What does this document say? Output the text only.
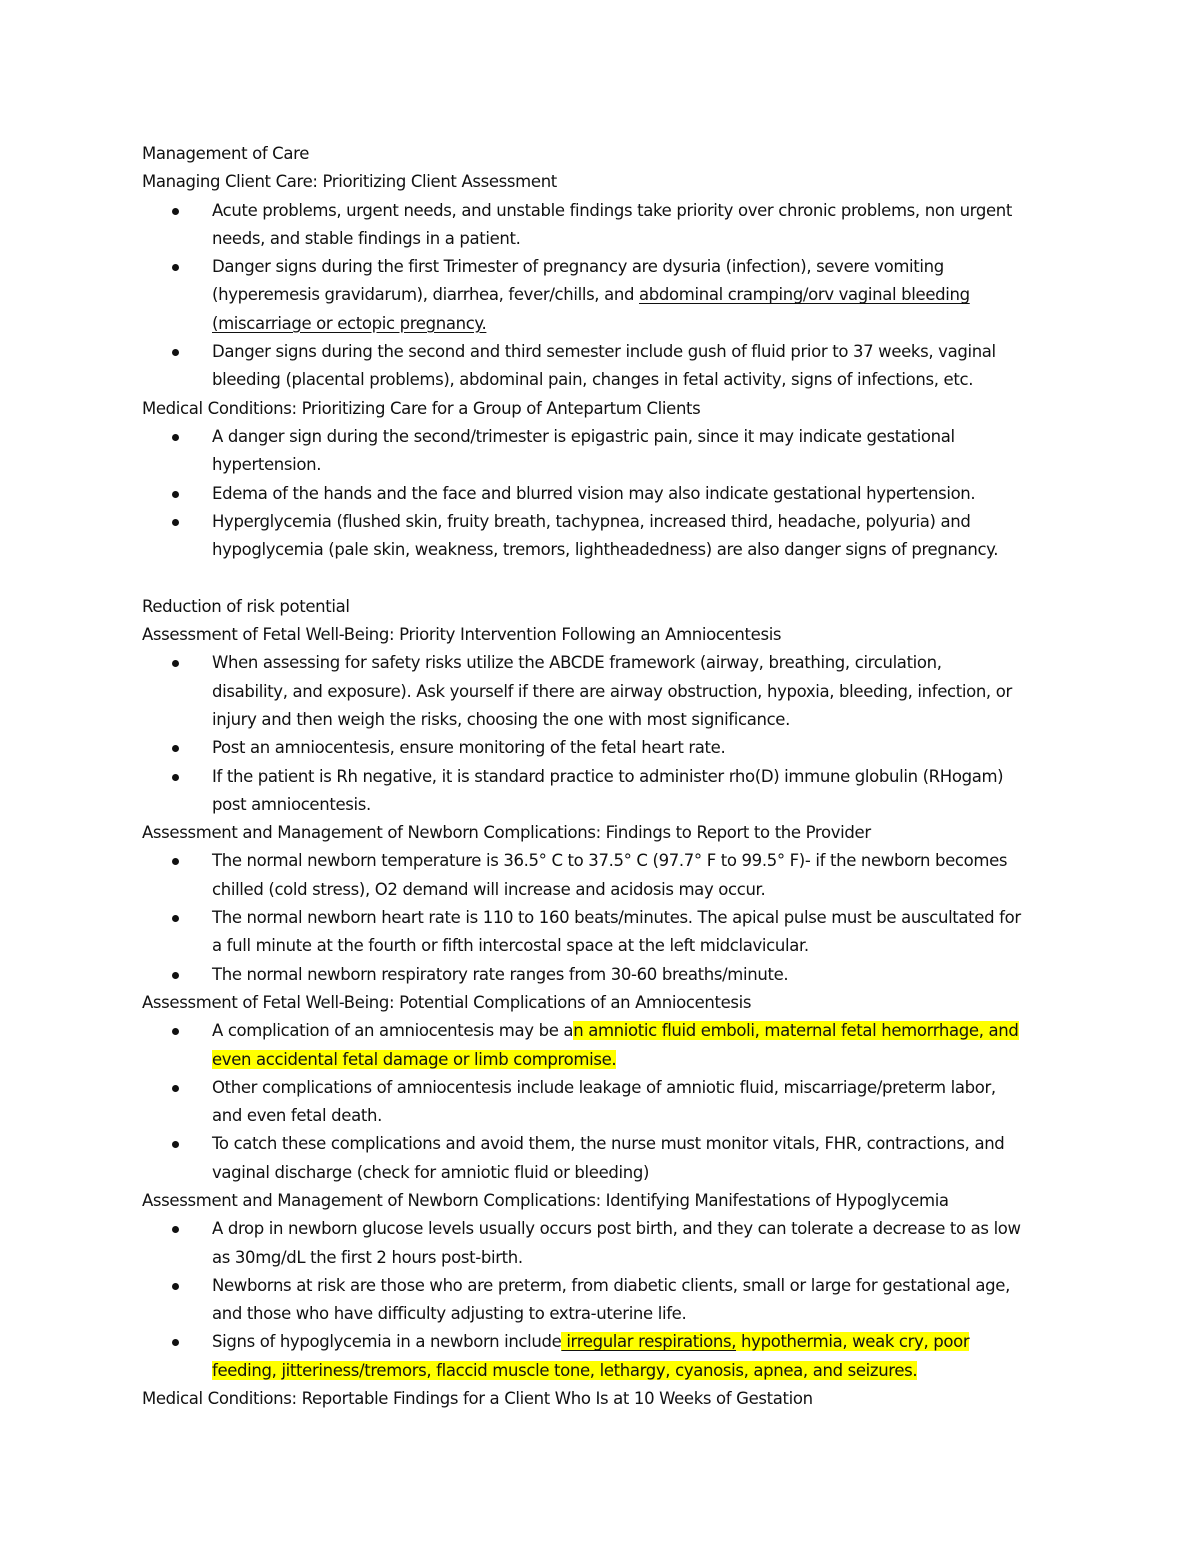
Management of Care
Managing Client Care: Prioritizing Client Assessment
Acute problems, urgent needs, and unstable findings take priority over chronic problems, non urgent
needs, and stable findings in a patient.
Danger signs during the first Trimester of pregnancy are dysuria (infection), severe vomiting
(hyperemesis gravidarum), diarrhea, fever/chills, and abdominal cramping/orv vaginal bleeding
(miscarriage or ectopic pregnancy.
Danger signs during the second and third semester include gush of fluid prior to 37 weeks, vaginal
bleeding (placental problems), abdominal pain, changes in fetal activity, signs of infections, etc.
Medical Conditions: Prioritizing Care for a Group of Antepartum Clients
A danger sign during the second/trimester is epigastric pain, since it may indicate gestational
hypertension.
Edema of the hands and the face and blurred vision may also indicate gestational hypertension.
Hyperglycemia (flushed skin, fruity breath, tachypnea, increased third, headache, polyuria) and
hypoglycemia (pale skin, weakness, tremors, lightheadedness) are also danger signs of pregnancy.
Reduction of risk potential
Assessment of Fetal Well-Being: Priority Intervention Following an Amniocentesis
When assessing for safety risks utilize the ABCDE framework (airway, breathing, circulation,
disability, and exposure). Ask yourself if there are airway obstruction, hypoxia, bleeding, infection, or
injury and then weigh the risks, choosing the one with most significance.
Post an amniocentesis, ensure monitoring of the fetal heart rate.
If the patient is Rh negative, it is standard practice to administer rho(D) immune globulin (RHogam)
post amniocentesis.
Assessment and Management of Newborn Complications: Findings to Report to the Provider
The normal newborn temperature is 36.5° C to 37.5° C (97.7° F to 99.5° F)- if the newborn becomes
chilled (cold stress), O2 demand will increase and acidosis may occur.
The normal newborn heart rate is 110 to 160 beats/minutes. The apical pulse must be auscultated for
a full minute at the fourth or fifth intercostal space at the left midclavicular.
The normal newborn respiratory rate ranges from 30-60 breaths/minute.
Assessment of Fetal Well-Being: Potential Complications of an Amniocentesis
A complication of an amniocentesis may be an amniotic fluid emboli, maternal fetal hemorrhage, and
even accidental fetal damage or limb compromise.
Other complications of amniocentesis include leakage of amniotic fluid, miscarriage/preterm labor,
and even fetal death.
To catch these complications and avoid them, the nurse must monitor vitals, FHR, contractions, and
vaginal discharge (check for amniotic fluid or bleeding)
Assessment and Management of Newborn Complications: Identifying Manifestations of Hypoglycemia
A drop in newborn glucose levels usually occurs post birth, and they can tolerate a decrease to as low
as 30mg/dL the first 2 hours post-birth.
Newborns at risk are those who are preterm, from diabetic clients, small or large for gestational age,
and those who have difficulty adjusting to extra-uterine life.
Signs of hypoglycemia in a newborn include irregular respirations, hypothermia, weak cry, poor
feeding, jitteriness/tremors, flaccid muscle tone, lethargy, cyanosis, apnea, and seizures.
Medical Conditions: Reportable Findings for a Client Who Is at 10 Weeks of Gestation
